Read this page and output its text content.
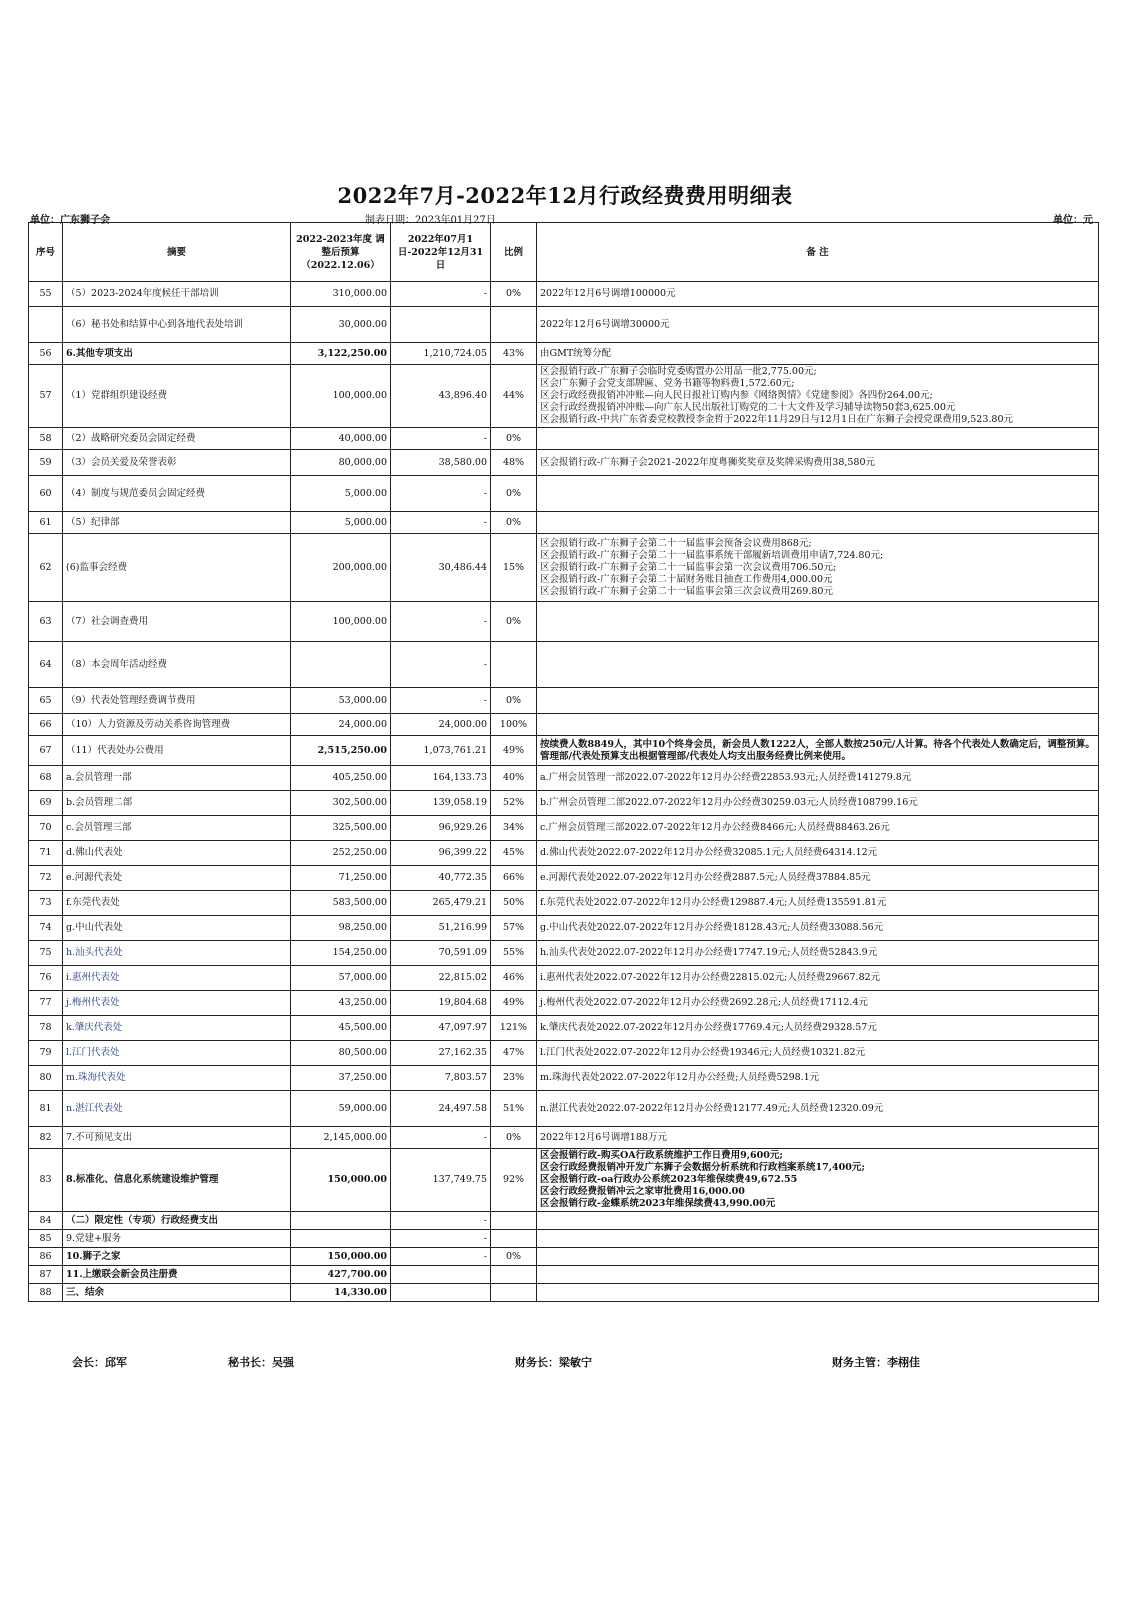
2022年7月-2022年12月行政经费费用明细表
单位：广东狮子会	制表日期：2023年01月27日	单位：元
序号	摘要	2022-2023年度 调整后预算（2022.12.06）	2022年07月1日-2022年12月31日	比例	备 注
55	（5）2023-2024年度候任干部培训	310,000.00	-	0%	2022年12月6号调增100000元

	（6）秘书处和结算中心到各地代表处培训	30,000.00			2022年12月6号调增30000元

56	6.其他专项支出	3,122,250.00	1,210,724.05	43%	由GMT统筹分配

57	（1）党群组织建设经费	100,000.00	43,896.40	44%	区会报销行政-广东狮子会临时党委购置办公用品一批2,775.00元;
区会广东狮子会党支部牌匾、党务书籍等物料费1,572.60元;
区会行政经费报销冲冲账—向人民日报社订购内参《网络舆情》《党建参阅》各四份264.00元;
区会行政经费报销冲冲账—向广东人民出版社订购党的二十大文件及学习辅导读物50套3,625.00元
区会报销行政-中共广东省委党校教授李金哲于2022年11月29日与12月1日在广东狮子会授党课费用9,523.80元

58	（2）战略研究委员会固定经费	40,000.00	-	0%	
59	（3）会员关爱及荣誉表彰	80,000.00	38,580.00	48%	区会报销行政-广东狮子会2021-2022年度粤狮奖奖章及奖牌采购费用38,580元

60	（4）制度与规范委员会固定经费	5,000.00	-	0%	
61	（5）纪律部	5,000.00	-	0%	
62	(6)监事会经费	200,000.00	30,486.44	15%	区会报销行政-广东狮子会第二十一届监事会预备会议费用868元;
区会报销行政-广东狮子会第二十一届监事系统干部履新培训费用申请7,724.80元;
区会报销行政-广东狮子会第二十一届监事会第一次会议费用706.50元;
区会报销行政-广东狮子会第二十届财务账目抽查工作费用4,000.00元
区会报销行政-广东狮子会第二十一届监事会第三次会议费用269.80元

63	（7）社会调查费用	100,000.00	-	0%	
64	（8）本会周年活动经费		-		
65	（9）代表处管理经费调节费用	53,000.00	-	0%	
66	（10）人力资源及劳动关系咨询管理费	24,000.00	24,000.00	100%	
67	（11）代表处办公费用	2,515,250.00	1,073,761.21	49%	按续费人数8849人，其中10个终身会员，新会员人数1222人，全部人数按250元/人计算。待各个代表处人数确定后，调整预算。管理部/代表处预算支出根据管理部/代表处人均支出服务经费比例来使用。
68	a.会员管理一部	405,250.00	164,133.73	40%	a.广州会员管理一部2022.07-2022年12月办公经费22853.93元;人员经费141279.8元

69	b.会员管理二部	302,500.00	139,058.19	52%	b.广州会员管理二部2022.07-2022年12月办公经费30259.03元;人员经费108799.16元

70	c.会员管理三部	325,500.00	96,929.26	34%	c.广州会员管理三部2022.07-2022年12月办公经费8466元;人员经费88463.26元

71	d.佛山代表处	252,250.00	96,399.22	45%	d.佛山代表处2022.07-2022年12月办公经费32085.1元;人员经费64314.12元

72	e.河源代表处	71,250.00	40,772.35	66%	e.河源代表处2022.07-2022年12月办公经费2887.5元;人员经费37884.85元

73	f.东莞代表处	583,500.00	265,479.21	50%	f.东莞代表处2022.07-2022年12月办公经费129887.4元;人员经费135591.81元

74	g.中山代表处	98,250.00	51,216.99	57%	g.中山代表处2022.07-2022年12月办公经费18128.43元;人员经费33088.56元

75	h.汕头代表处	154,250.00	70,591.09	55%	h.汕头代表处2022.07-2022年12月办公经费17747.19元;人员经费52843.9元

76	i.惠州代表处	57,000.00	22,815.02	46%	i.惠州代表处2022.07-2022年12月办公经费22815.02元;人员经费29667.82元

77	j.梅州代表处	43,250.00	19,804.68	49%	j.梅州代表处2022.07-2022年12月办公经费2692.28元;人员经费17112.4元

78	k.肇庆代表处	45,500.00	47,097.97	121%	k.肇庆代表处2022.07-2022年12月办公经费17769.4元;人员经费29328.57元

79	l.江门代表处	80,500.00	27,162.35	47%	l.江门代表处2022.07-2022年12月办公经费19346元;人员经费10321.82元

80	m.珠海代表处	37,250.00	7,803.57	23%	m.珠海代表处2022.07-2022年12月办公经费;人员经费5298.1元

81	n.湛江代表处	59,000.00	24,497.58	51%	n.湛江代表处2022.07-2022年12月办公经费12177.49元;人员经费12320.09元

82	7.不可预见支出	2,145,000.00	-	0%	2022年12月6号调增188万元

83	8.标准化、信息化系统建设维护管理	150,000.00	137,749.75	92%	区会报销行政-购买OA行政系统维护工作日费用9,600元;
区会行政经费报销冲开发广东狮子会数据分析系统和行政档案系统17,400元;
区会报销行政-oa行政办公系统2023年维保续费49,672.55
区会行政经费报销冲云之家审批费用16,000.00
区会报销行政-金蝶系统2023年维保续费43,990.00元

84	（二）限定性（专项）行政经费支出		-		
85	9.党建+服务		-		
86	10.狮子之家	150,000.00	-	0%	
87	11.上缴联会新会员注册费	427,700.00			
88	三、结余	14,330.00			
会长：邱军	秘书长：吴强	财务长：梁敏宁	财务主管：李栩佳
